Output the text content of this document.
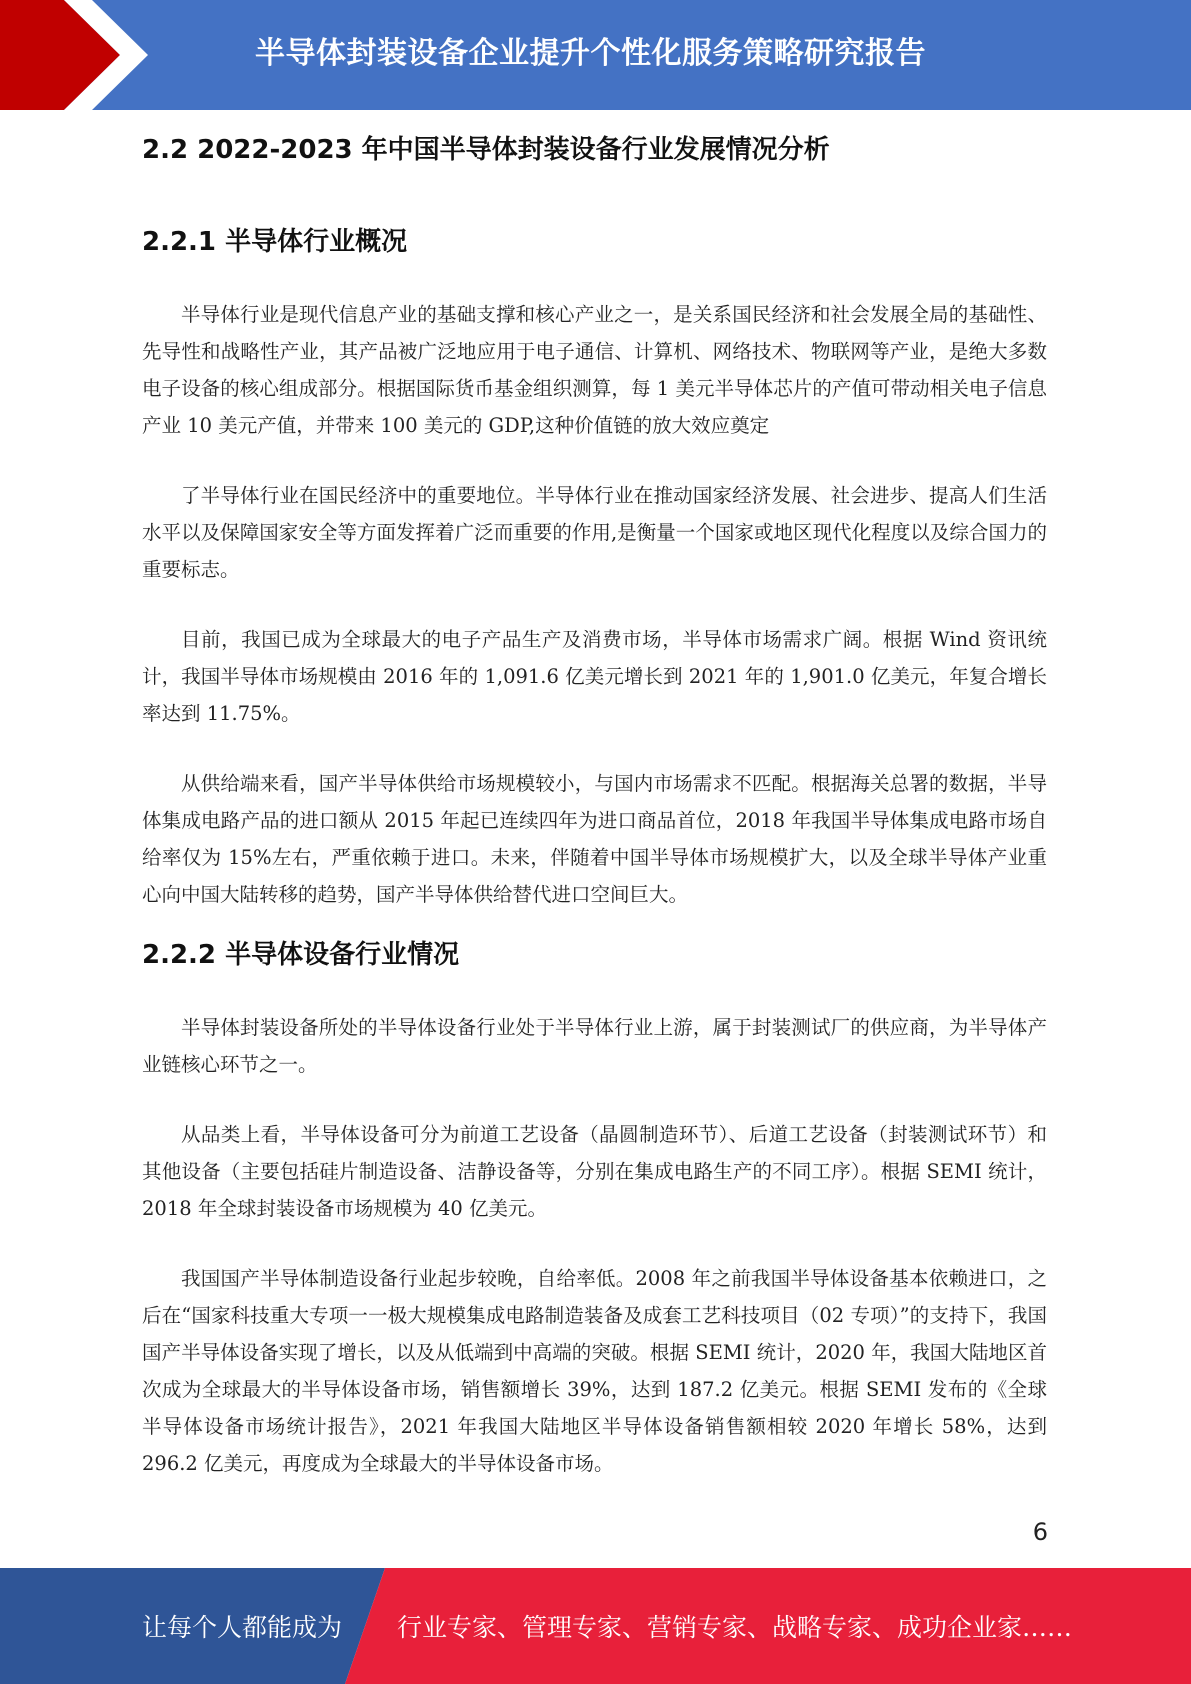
半导体封装设备企业提升个性化服务策略研究报告
2.2 2022-2023 年中国半导体封装设备行业发展情况分析
2.2.1 半导体行业概况

半导体行业是现代信息产业的基础支撑和核心产业之一，是关系国民经济和社会发展全局的基础性、先导性和战略性产业，其产品被广泛地应用于电子通信、计算机、网络技术、物联网等产业，是绝大多数电子设备的核心组成部分。根据国际货币基金组织测算，每 1 美元半导体芯片的产值可带动相关电子信息产业 10 美元产值，并带来 100 美元的 GDP,这种价值链的放大效应奠定

了半导体行业在国民经济中的重要地位。半导体行业在推动国家经济发展、社会进步、提高人们生活水平以及保障国家安全等方面发挥着广泛而重要的作用,是衡量一个国家或地区现代化程度以及综合国力的重要标志。

目前，我国已成为全球最大的电子产品生产及消费市场，半导体市场需求广阔。根据 Wind 资讯统计，我国半导体市场规模由 2016 年的 1,091.6 亿美元增长到 2021 年的 1,901.0 亿美元，年复合增长率达到 11.75%。

从供给端来看，国产半导体供给市场规模较小，与国内市场需求不匹配。根据海关总署的数据，半导体集成电路产品的进口额从 2015 年起已连续四年为进口商品首位，2018 年我国半导体集成电路市场自给率仅为 15%左右，严重依赖于进口。未来，伴随着中国半导体市场规模扩大，以及全球半导体产业重心向中国大陆转移的趋势，国产半导体供给替代进口空间巨大。

2.2.2 半导体设备行业情况

半导体封装设备所处的半导体设备行业处于半导体行业上游，属于封装测试厂的供应商，为半导体产业链核心环节之一。

从品类上看，半导体设备可分为前道工艺设备（晶圆制造环节）、后道工艺设备（封装测试环节）和其他设备（主要包括硅片制造设备、洁静设备等，分别在集成电路生产的不同工序）。根据 SEMI 统计，2018 年全球封装设备市场规模为 40 亿美元。

我国国产半导体制造设备行业起步较晚，自给率低。2008 年之前我国半导体设备基本依赖进口，之后在“国家科技重大专项一一极大规模集成电路制造装备及成套工艺科技项目（02 专项）”的支持下，我国国产半导体设备实现了增长，以及从低端到中高端的突破。根据 SEMI 统计，2020 年，我国大陆地区首次成为全球最大的半导体设备市场，销售额增长 39%，达到 187.2 亿美元。根据 SEMI 发布的《全球半导体设备市场统计报告》，2021 年我国大陆地区半导体设备销售额相较 2020 年增长 58%，达到 296.2 亿美元，再度成为全球最大的半导体设备市场。

6
让每个人都能成为 行业专家、管理专家、营销专家、战略专家、成功企业家……
